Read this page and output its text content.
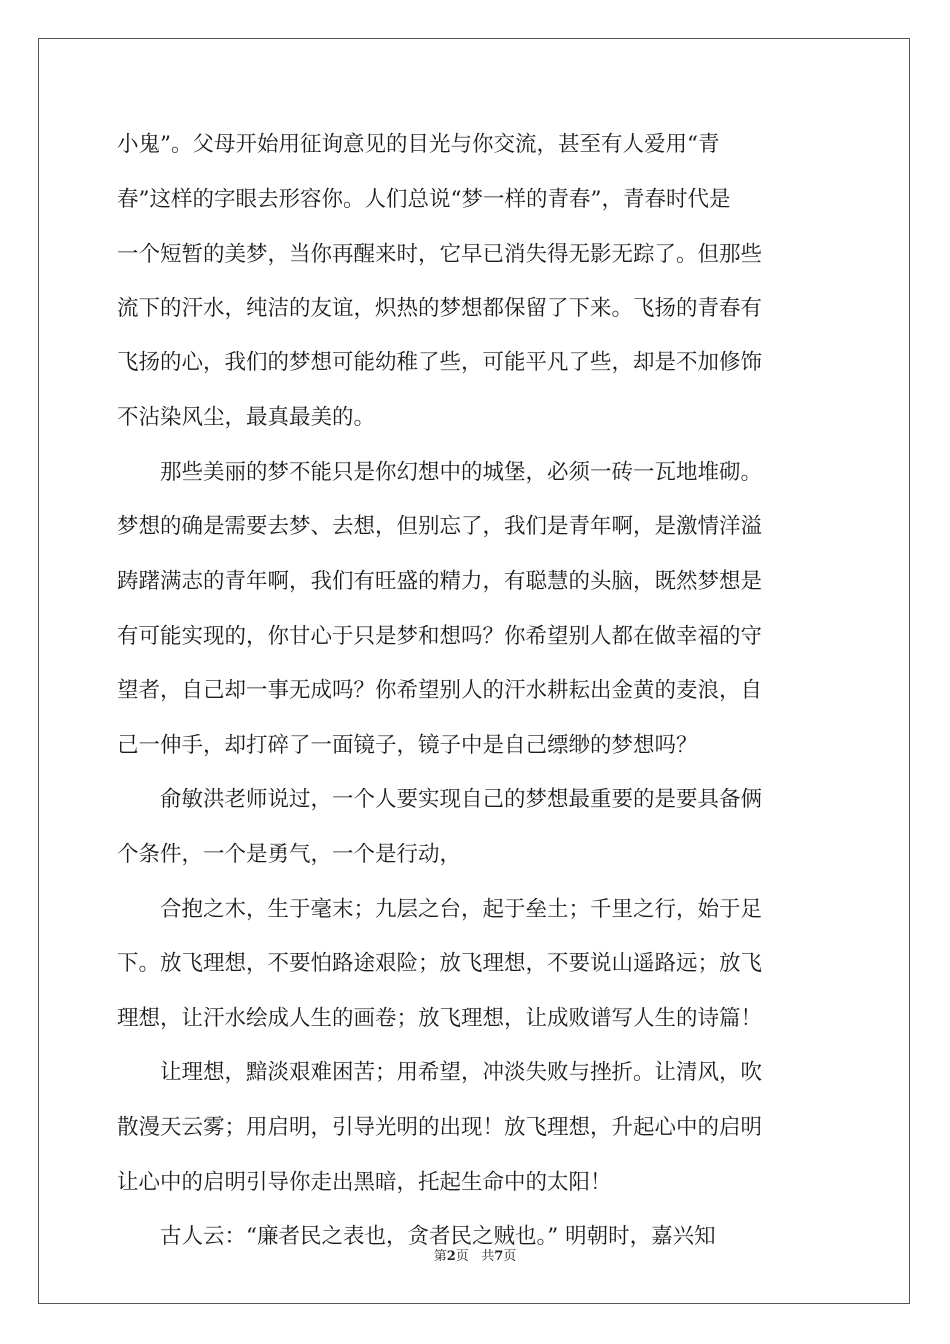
小鬼”。父母开始用征询意见的目光与你交流，甚至有人爱用“青
春”这样的字眼去形容你。人们总说“梦一样的青春”，青春时代是
一个短暂的美梦，当你再醒来时，它早已消失得无影无踪了。但那些
流下的汗水，纯洁的友谊，炽热的梦想都保留了下来。飞扬的青春有
飞扬的心，我们的梦想可能幼稚了些，可能平凡了些，却是不加修饰
不沾染风尘，最真最美的。
那些美丽的梦不能只是你幻想中的城堡，必须一砖一瓦地堆砌。
梦想的确是需要去梦、去想，但别忘了，我们是青年啊，是激情洋溢
踌躇满志的青年啊，我们有旺盛的精力，有聪慧的头脑，既然梦想是
有可能实现的，你甘心于只是梦和想吗？你希望别人都在做幸福的守
望者，自己却一事无成吗？你希望别人的汗水耕耘出金黄的麦浪，自
己一伸手，却打碎了一面镜子，镜子中是自己缥缈的梦想吗？
俞敏洪老师说过，一个人要实现自己的梦想最重要的是要具备俩
个条件，一个是勇气，一个是行动，
合抱之木，生于毫末；九层之台，起于垒土；千里之行，始于足
下。放飞理想，不要怕路途艰险；放飞理想，不要说山遥路远；放飞
理想，让汗水绘成人生的画卷；放飞理想，让成败谱写人生的诗篇！
让理想，黯淡艰难困苦；用希望，冲淡失败与挫折。让清风，吹
散漫天云雾；用启明，引导光明的出现！放飞理想，升起心中的启明
让心中的启明引导你走出黑暗，托起生命中的太阳！
古人云：“廉者民之表也，贪者民之贼也。” 明朝时，嘉兴知
第2页 共7页
